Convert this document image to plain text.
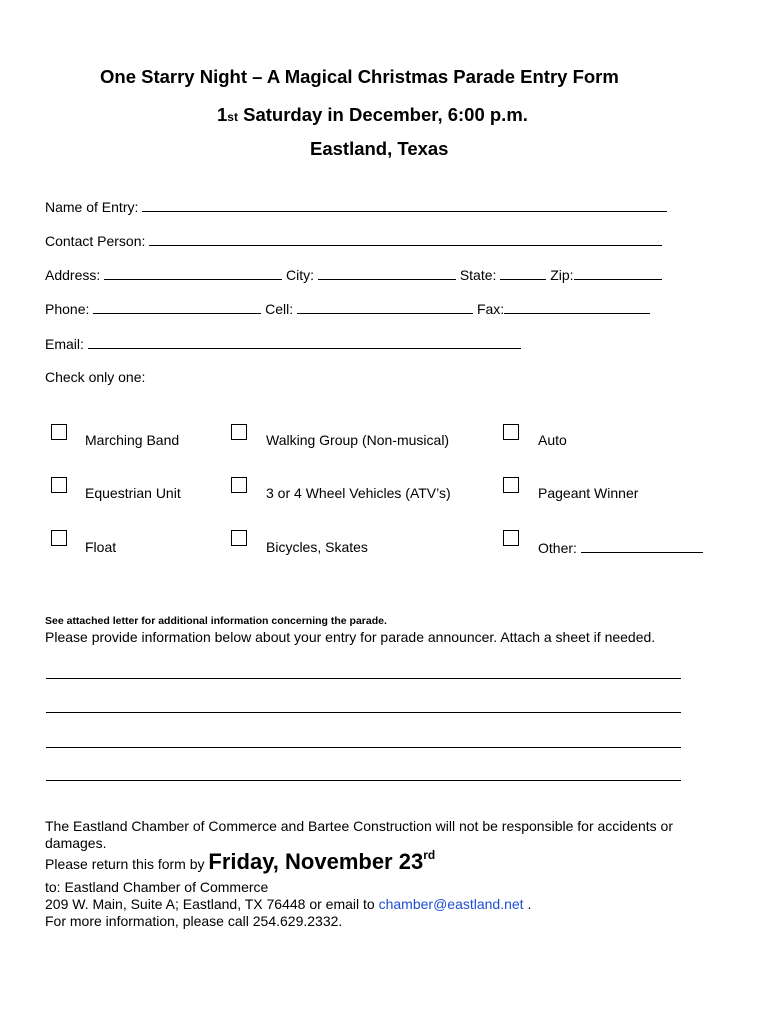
One Starry Night – A Magical Christmas Parade Entry Form
1st Saturday in December, 6:00 p.m.
Eastland, Texas
Name of Entry:
Contact Person:
Address:	City:	State:	Zip:
Phone:	Cell:	Fax:
Email:
Check only one:
Marching Band	Walking Group (Non-musical)	Auto
Equestrian Unit	3 or 4 Wheel Vehicles (ATV’s)	Pageant Winner
Float	Bicycles, Skates	Other:
See attached letter for additional information concerning the parade.
Please provide information below about your entry for parade announcer. Attach a sheet if needed.
The Eastland Chamber of Commerce and Bartee Construction will not be responsible for accidents or
damages.
Please return this form by Friday, November 23rd
to: Eastland Chamber of Commerce
209 W. Main, Suite A; Eastland, TX 76448 or email to chamber@eastland.net .
For more information, please call 254.629.2332.
